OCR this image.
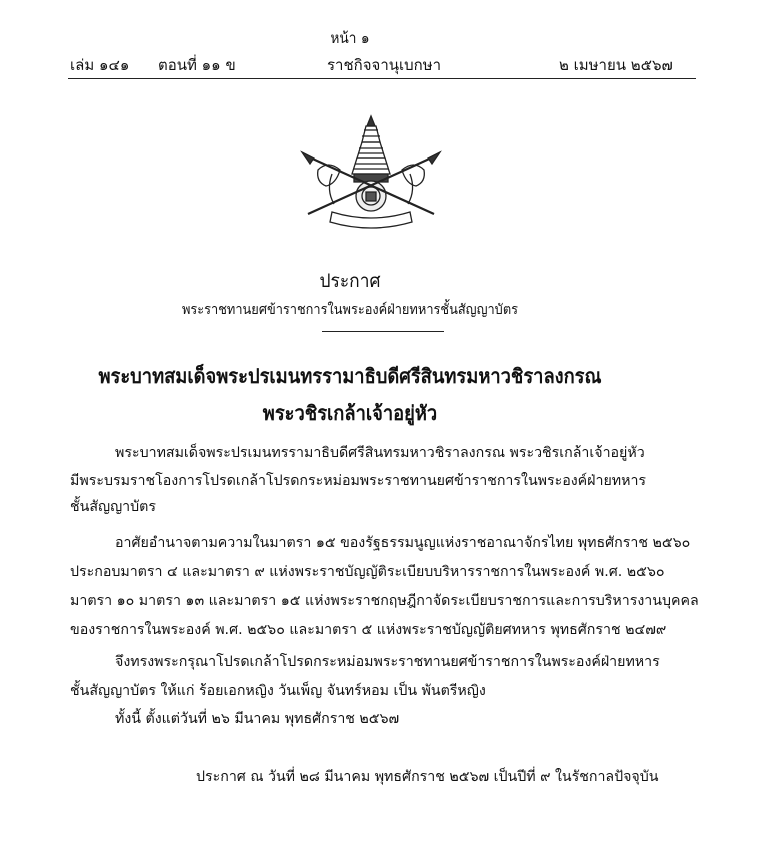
หน้า ๑
เล่ม ๑๔๑ ตอนที่ ๑๑ ข	ราชกิจจานุเบกษา	๒ เมษายน ๒๕๖๗
ประกาศ
พระราชทานยศข้าราชการในพระองค์ฝ่ายทหารชั้นสัญญาบัตร
พระบาทสมเด็จพระปรเมนทรรามาธิบดีศรีสินทรมหาวชิราลงกรณ
พระวชิรเกล้าเจ้าอยู่หัว
พระบาทสมเด็จพระปรเมนทรรามาธิบดีศรีสินทรมหาวชิราลงกรณ พระวชิรเกล้าเจ้าอยู่หัว
มีพระบรมราชโองการโปรดเกล้าโปรดกระหม่อมพระราชทานยศข้าราชการในพระองค์ฝ่ายทหาร
ชั้นสัญญาบัตร
อาศัยอำนาจตามความในมาตรา ๑๕ ของรัฐธรรมนูญแห่งราชอาณาจักรไทย พุทธศักราช ๒๕๖๐
ประกอบมาตรา ๔ และมาตรา ๙ แห่งพระราชบัญญัติระเบียบบริหารราชการในพระองค์ พ.ศ. ๒๕๖๐
มาตรา ๑๐ มาตรา ๑๓ และมาตรา ๑๕ แห่งพระราชกฤษฎีกาจัดระเบียบราชการและการบริหารงานบุคคล
ของราชการในพระองค์ พ.ศ. ๒๕๖๐ และมาตรา ๕ แห่งพระราชบัญญัติยศทหาร พุทธศักราช ๒๔๗๙
จึงทรงพระกรุณาโปรดเกล้าโปรดกระหม่อมพระราชทานยศข้าราชการในพระองค์ฝ่ายทหาร
ชั้นสัญญาบัตร ให้แก่ ร้อยเอกหญิง วันเพ็ญ จันทร์หอม เป็น พันตรีหญิง
ทั้งนี้ ตั้งแต่วันที่ ๒๖ มีนาคม พุทธศักราช ๒๕๖๗
ประกาศ ณ วันที่ ๒๘ มีนาคม พุทธศักราช ๒๕๖๗ เป็นปีที่ ๙ ในรัชกาลปัจจุบัน
